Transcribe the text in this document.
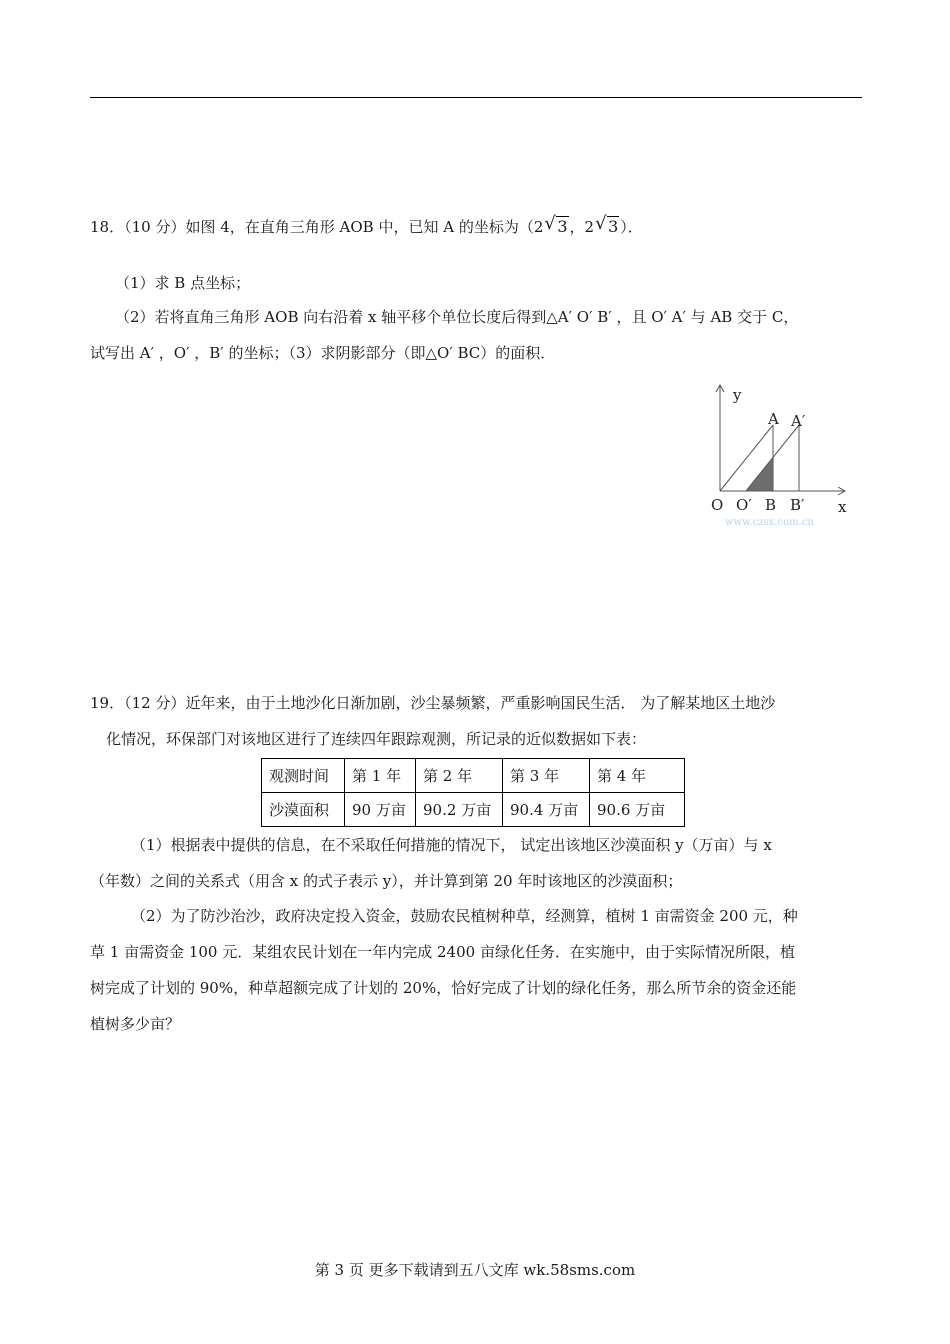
18．（10 分）如图 4，在直角三角形 AOB 中，已知 A 的坐标为（2 √ 3 ，2 √ 3 ）．
（1）求 B 点坐标；
（2）若将直角三角形 AOB 向右沿着 x 轴平移个单位长度后得到△A′ O′ B′ ，且 O′ A′ 与 AB 交于 C，
试写出 A′ ，O′ ，B′ 的坐标；（3）求阴影部分（即△O′ BC）的面积．
y
A A′
O O′ B B′ x
www.czsx.com.cn
19．（12 分）近年来，由于土地沙化日渐加剧，沙尘暴频繁，严重影响国民生活． 为了解某地区土地沙
化情况，环保部门对该地区进行了连续四年跟踪观测，所记录的近似数据如下表：
观测时间	第 1 年	第 2 年	第 3 年	第 4 年
沙漠面积	90 万亩	90.2 万亩	90.4 万亩	90.6 万亩
（1）根据表中提供的信息，在不采取任何措施的情况下， 试定出该地区沙漠面积 y（万亩）与 x
（年数）之间的关系式（用含 x 的式子表示 y），并计算到第 20 年时该地区的沙漠面积；
（2）为了防沙治沙，政府决定投入资金，鼓励农民植树种草，经测算，植树 1 亩需资金 200 元，种
草 1 亩需资金 100 元．某组农民计划在一年内完成 2400 亩绿化任务．在实施中，由于实际情况所限，植
树完成了计划的 90%，种草超额完成了计划的 20%，恰好完成了计划的绿化任务，那么所节余的资金还能
植树多少亩？
第 3 页 更多下载请到五八文库 wk.58sms.com
